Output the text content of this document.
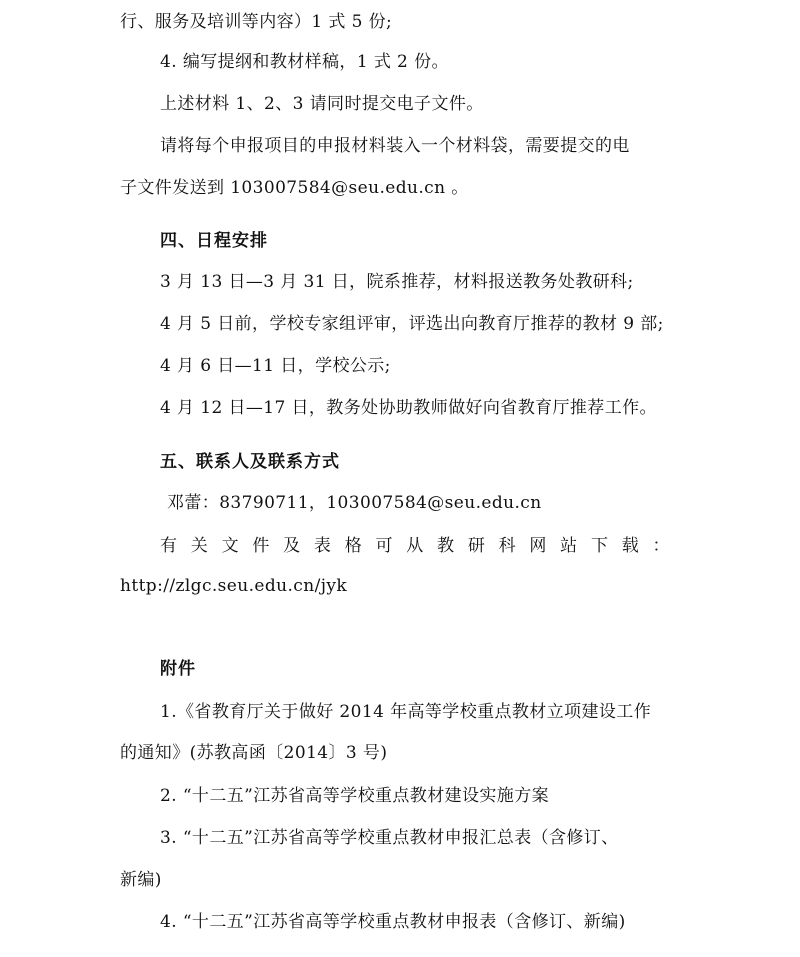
行、服务及培训等内容）1 式 5 份;
4. 编写提纲和教材样稿，1 式 2 份。
上述材料 1、2、3 请同时提交电子文件。
请将每个申报项目的申报材料装入一个材料袋，需要提交的电
子文件发送到 103007584@seu.edu.cn 。
四、日程安排
3 月 13 日—3 月 31 日，院系推荐，材料报送教务处教研科;
4 月 5 日前，学校专家组评审，评选出向教育厅推荐的教材 9 部;
4 月 6 日—11 日，学校公示;
4 月 12 日—17 日，教务处协助教师做好向省教育厅推荐工作。
五、联系人及联系方式
邓蕾：83790711，103007584@seu.edu.cn
有 关 文 件 及 表 格 可 从 教 研 科 网 站 下 载 ：
http://zlgc.seu.edu.cn/jyk
附件
1.《省教育厅关于做好 2014 年高等学校重点教材立项建设工作
的通知》(苏教高函〔2014〕3 号)
2. “十二五”江苏省高等学校重点教材建设实施方案
3. “十二五”江苏省高等学校重点教材申报汇总表（含修订、
新编)
4. “十二五”江苏省高等学校重点教材申报表（含修订、新编)
